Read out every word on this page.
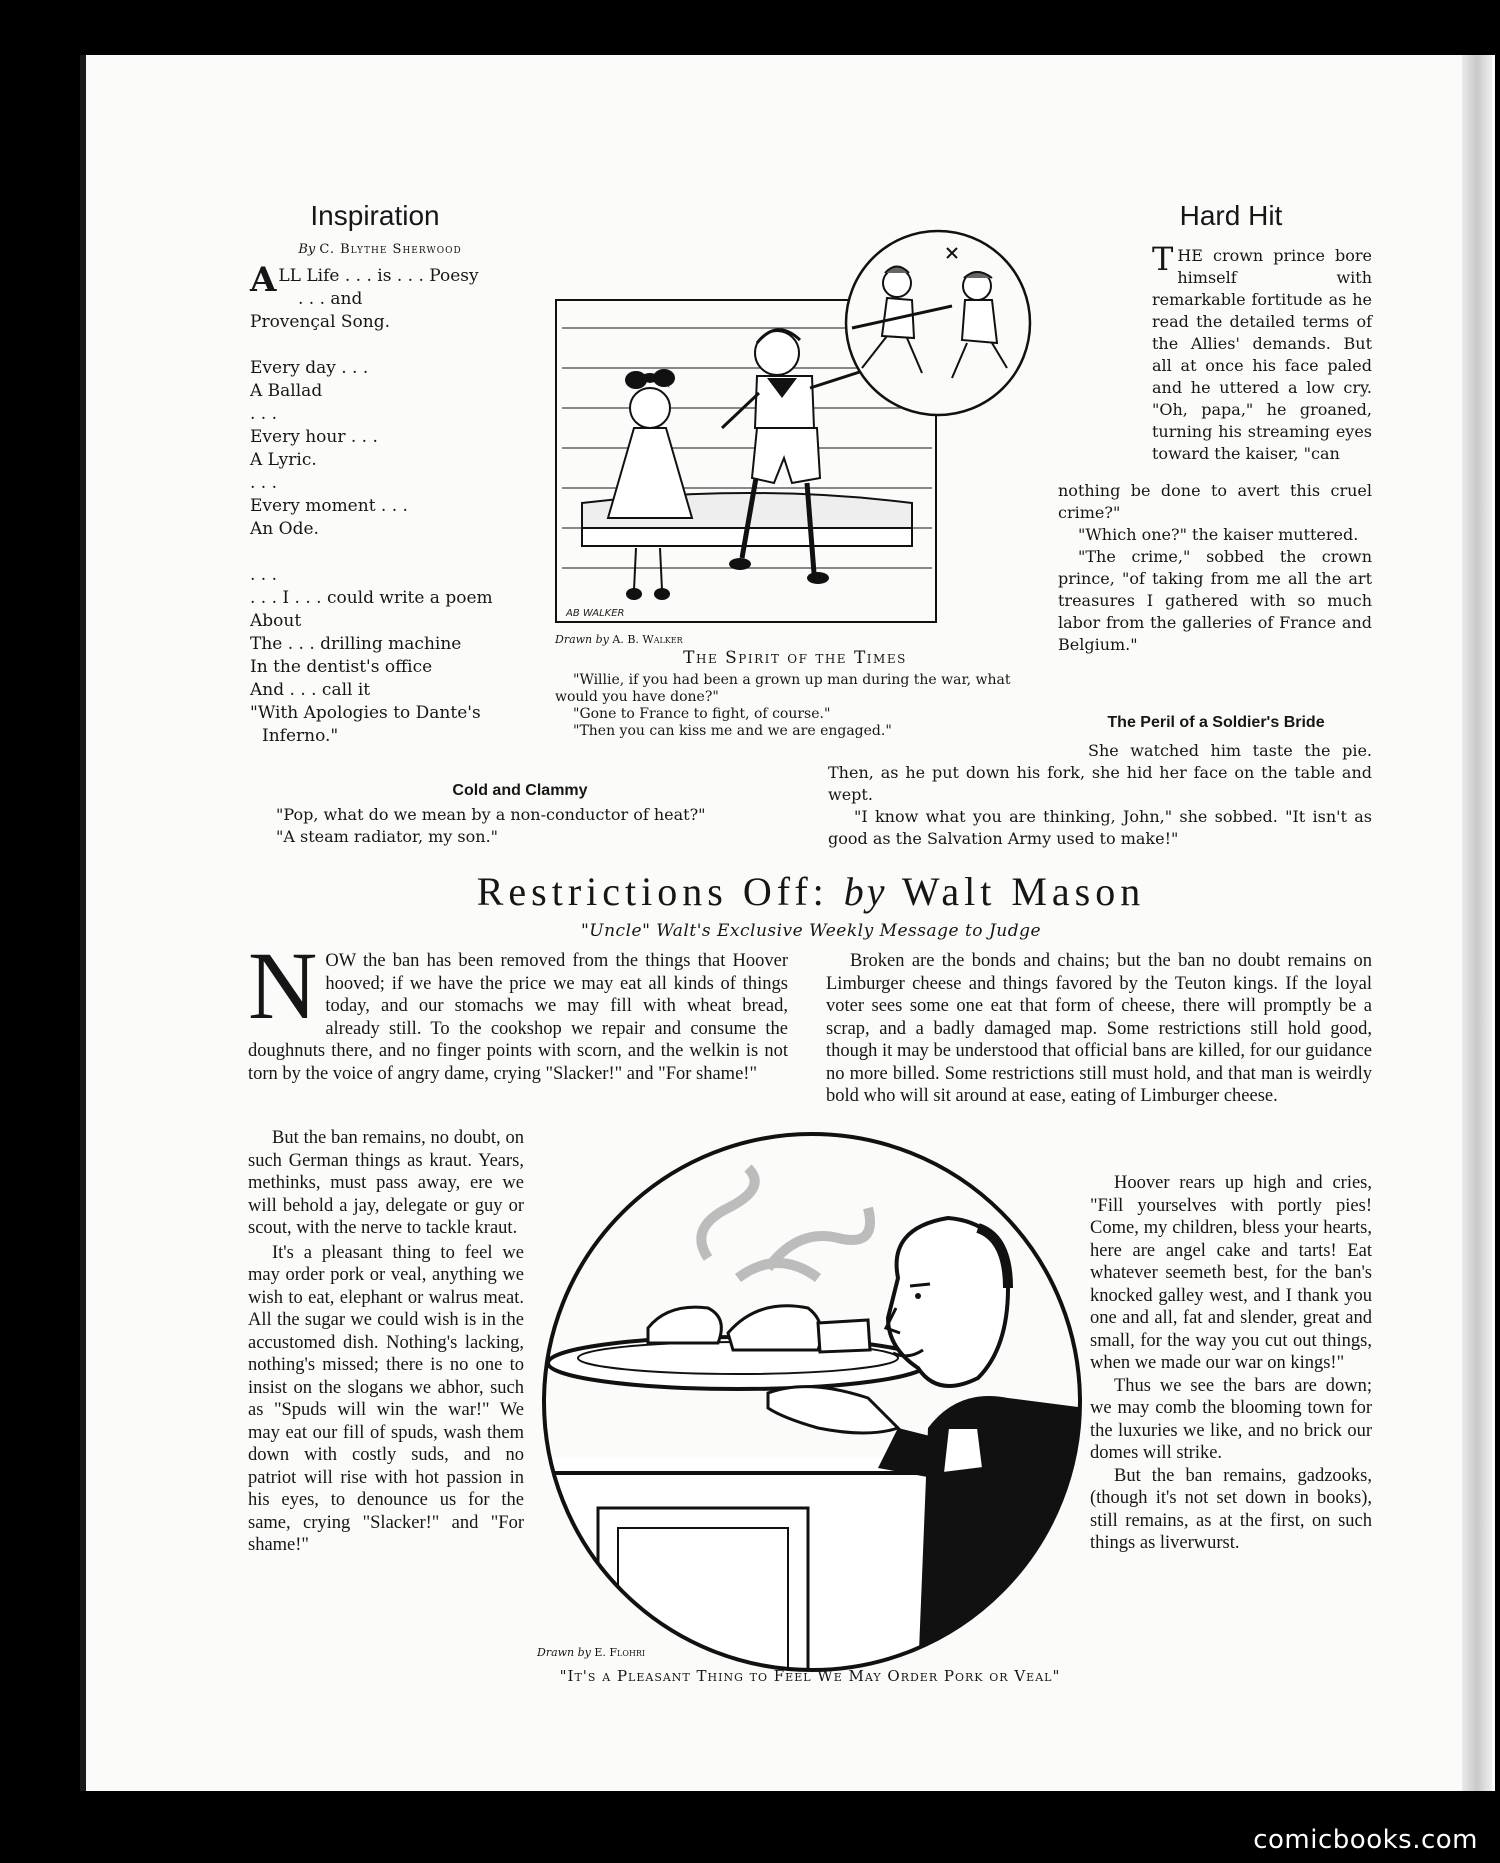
Inspiration
By C. Blythe Sherwood

ALL Life . . . is . . . Poesy

. . . and

Provençal Song.

Every day . . .

A Ballad

. . .

Every hour . . .

A Lyric.

. . .

Every moment . . .

An Ode.

. . .

. . . I . . . could write a poem

About

The . . . drilling machine

In the dentist's office

And . . . call it

"With Apologies to Dante's

Inferno."

AB WALKER
Drawn by A. B. Walker
The Spirit of the Times
"Willie, if you had been a grown up man during the war, what would you have done?"
"Gone to France to fight, of course."
"Then you can kiss me and we are engaged."
Hard Hit
T HE crown prince bore himself with remarkable fortitude as he read the detailed terms of the Allies' demands. But all at once his face paled and he uttered a low cry. "Oh, papa," he groaned, turning his streaming eyes toward the kaiser, "can
nothing be done to avert this cruel crime?"
"Which one?" the kaiser muttered.
"The crime," sobbed the crown prince, "of taking from me all the art treasures I gathered with so much labor from the galleries of France and Belgium."
The Peril of a Soldier's Bride
She watched him taste the pie. Then, as he put down his fork, she hid her face on the table and wept.
"I know what you are thinking, John," she sobbed. "It isn't as good as the Salvation Army used to make!"
Cold and Clammy
"Pop, what do we mean by a non-conductor of heat?"
"A steam radiator, my son."
Restrictions Off: by Walt Mason
"Uncle" Walt's Exclusive Weekly Message to Judge

N OW the ban has been removed from the things that Hoover hooved; if we have the price we may eat all kinds of things today, and our stomachs we may fill with wheat bread, already still. To the cookshop we repair and consume the doughnuts there, and no finger points with scorn, and the welkin is not torn by the voice of angry dame, crying "Slacker!" and "For shame!"

But the ban remains, no doubt, on such German things as kraut. Years, methinks, must pass away, ere we will behold a jay, delegate or guy or scout, with the nerve to tackle kraut.

It's a pleasant thing to feel we may order pork or veal, anything we wish to eat, elephant or walrus meat. All the sugar we could wish is in the accustomed dish. Nothing's lacking, nothing's missed; there is no one to insist on the slogans we abhor, such as "Spuds will win the war!" We may eat our fill of spuds, wash them down with costly suds, and no patriot will rise with hot passion in his eyes, to denounce us for the same, crying "Slacker!" and "For shame!"

Broken are the bonds and chains; but the ban no doubt remains on Limburger cheese and things favored by the Teuton kings. If the loyal voter sees some one eat that form of cheese, there will promptly be a scrap, and a badly damaged map. Some restrictions still hold good, though it may be understood that official bans are killed, for our guidance no more billed. Some restrictions still must hold, and that man is weirdly bold who will sit around at ease, eating of Limburger cheese.

Hoover rears up high and cries, "Fill yourselves with portly pies! Come, my children, bless your hearts, here are angel cake and tarts! Eat whatever seemeth best, for the ban's knocked galley west, and I thank you one and all, fat and slender, great and small, for the way you cut out things, when we made our war on kings!"

Thus we see the bars are down; we may comb the blooming town for the luxuries we like, and no brick our domes will strike.

But the ban remains, gadzooks, (though it's not set down in books), still remains, as at the first, on such things as liverwurst.

Drawn by E. Flohri
"It's a Pleasant Thing to Feel We May Order Pork or Veal"
comicbooks.com
